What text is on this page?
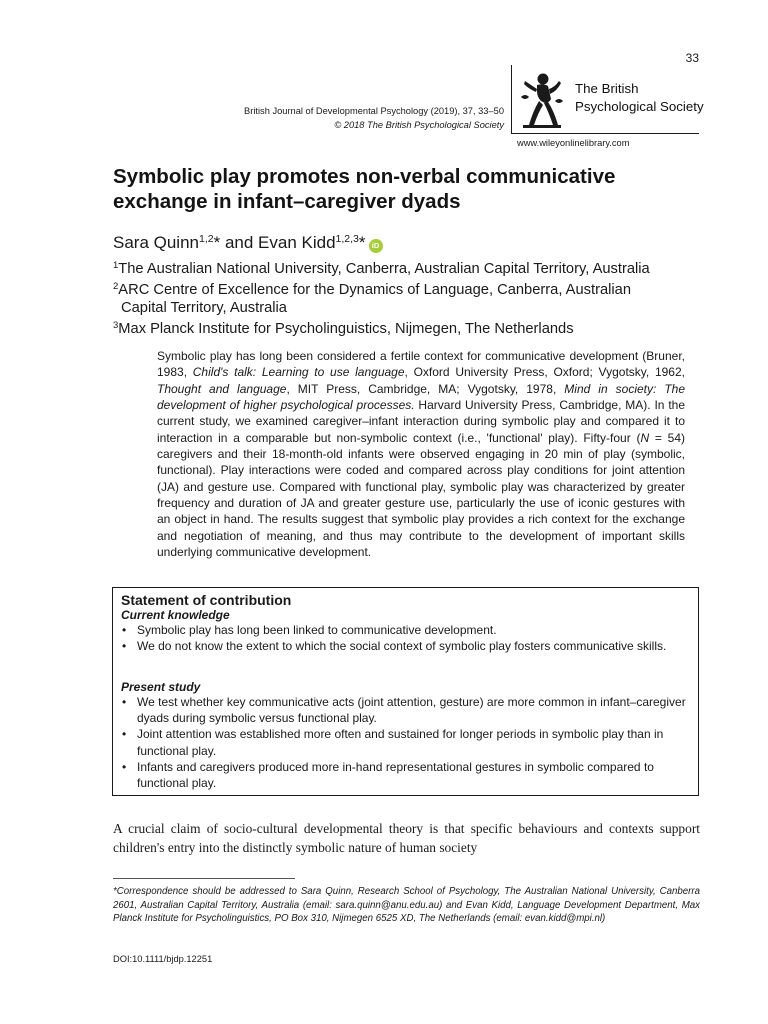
33
British Journal of Developmental Psychology (2019), 37, 33–50
© 2018 The British Psychological Society
The British
Psychological Society
www.wileyonlinelibrary.com
Symbolic play promotes non-verbal communicative exchange in infant–caregiver dyads
Sara Quinn$^{1,2}$* and Evan Kidd$^{1,2,3}$* iD
$^1$The Australian National University, Canberra, Australian Capital Territory, Australia
$^2$ARC Centre of Excellence for the Dynamics of Language, Canberra, Australian
Capital Territory, Australia
$^3$Max Planck Institute for Psycholinguistics, Nijmegen, The Netherlands
Symbolic play has long been considered a fertile context for communicative development (Bruner, 1983, Child's talk: Learning to use language, Oxford University Press, Oxford; Vygotsky, 1962, Thought and language, MIT Press, Cambridge, MA; Vygotsky, 1978, Mind in society: The development of higher psychological processes. Harvard University Press, Cambridge, MA). In the current study, we examined caregiver–infant interaction during symbolic play and compared it to interaction in a comparable but non-symbolic context (i.e., 'functional' play). Fifty-four (N = 54) caregivers and their 18-month-old infants were observed engaging in 20 min of play (symbolic, functional). Play interactions were coded and compared across play conditions for joint attention (JA) and gesture use. Compared with functional play, symbolic play was characterized by greater frequency and duration of JA and greater gesture use, particularly the use of iconic gestures with an object in hand. The results suggest that symbolic play provides a rich context for the exchange and negotiation of meaning, and thus may contribute to the development of important skills underlying communicative development.
Statement of contribution
Current knowledge
• Symbolic play has long been linked to communicative development.
• We do not know the extent to which the social context of symbolic play fosters communicative skills.
Present study
• We test whether key communicative acts (joint attention, gesture) are more common in infant–caregiver dyads during symbolic versus functional play.
• Joint attention was established more often and sustained for longer periods in symbolic play than in functional play.
• Infants and caregivers produced more in-hand representational gestures in symbolic compared to functional play.
A crucial claim of socio-cultural developmental theory is that specific behaviours and contexts support children's entry into the distinctly symbolic nature of human society
*Correspondence should be addressed to Sara Quinn, Research School of Psychology, The Australian National University, Canberra 2601, Australian Capital Territory, Australia (email: sara.quinn@anu.edu.au) and Evan Kidd, Language Development Department, Max Planck Institute for Psycholinguistics, PO Box 310, Nijmegen 6525 XD, The Netherlands (email: evan.kidd@mpi.nl)
DOI:10.1111/bjdp.12251
